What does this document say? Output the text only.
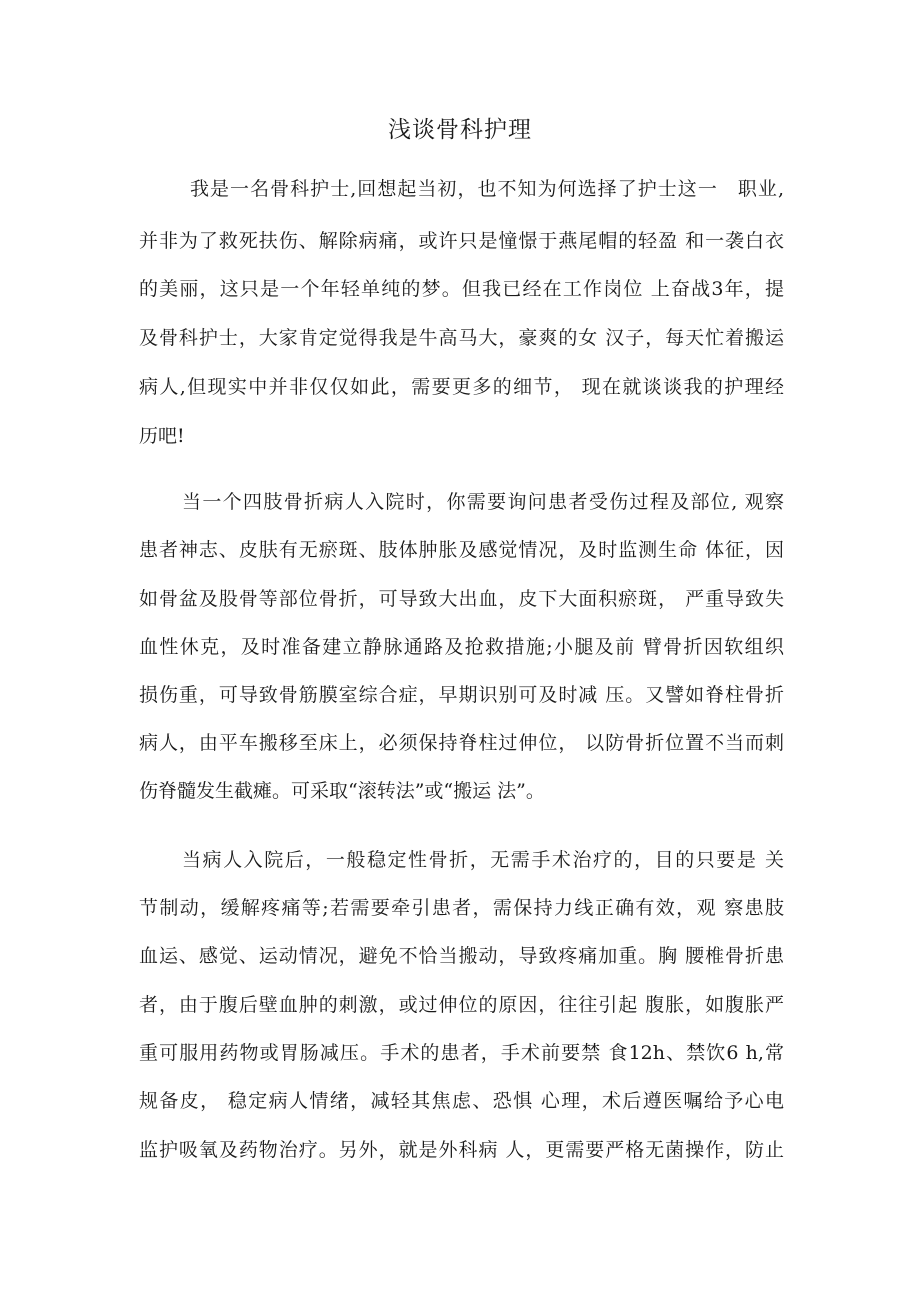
浅谈骨科护理
我是一名骨科护士,回想起当初，也不知为何选择了护士这一　职业,
并非为了救死扶伤、解除病痛，或许只是憧憬于燕尾帽的轻盈 和一袭白衣
的美丽，这只是一个年轻单纯的梦。但我已经在工作岗位 上奋战3年，提
及骨科护士，大家肯定觉得我是牛高马大，豪爽的女 汉子，每天忙着搬运
病人,但现实中并非仅仅如此，需要更多的细节， 现在就谈谈我的护理经
历吧!
当一个四肢骨折病人入院时，你需要询问患者受伤过程及部位, 观察
患者神志、皮肤有无瘀斑、肢体肿胀及感觉情况，及时监测生命 体征，因
如骨盆及股骨等部位骨折，可导致大出血，皮下大面积瘀斑， 严重导致失
血性休克，及时准备建立静脉通路及抢救措施;小腿及前 臂骨折因软组织
损伤重，可导致骨筋膜室综合症，早期识别可及时减 压。又譬如脊柱骨折
病人，由平车搬移至床上，必须保持脊柱过伸位， 以防骨折位置不当而刺
伤脊髓发生截瘫。可采取“滚转法”或“搬运 法”。
当病人入院后，一般稳定性骨折，无需手术治疗的，目的只要是 关
节制动，缓解疼痛等;若需要牵引患者，需保持力线正确有效，观 察患肢
血运、感觉、运动情况，避免不恰当搬动，导致疼痛加重。胸 腰椎骨折患
者，由于腹后壁血肿的刺激，或过伸位的原因，往往引起 腹胀，如腹胀严
重可服用药物或胃肠减压。手术的患者，手术前要禁 食12h、禁饮6 h,常
规备皮， 稳定病人情绪，减轻其焦虑、恐惧 心理，术后遵医嘱给予心电
监护吸氧及药物治疗。另外，就是外科病 人，更需要严格无菌操作，防止
